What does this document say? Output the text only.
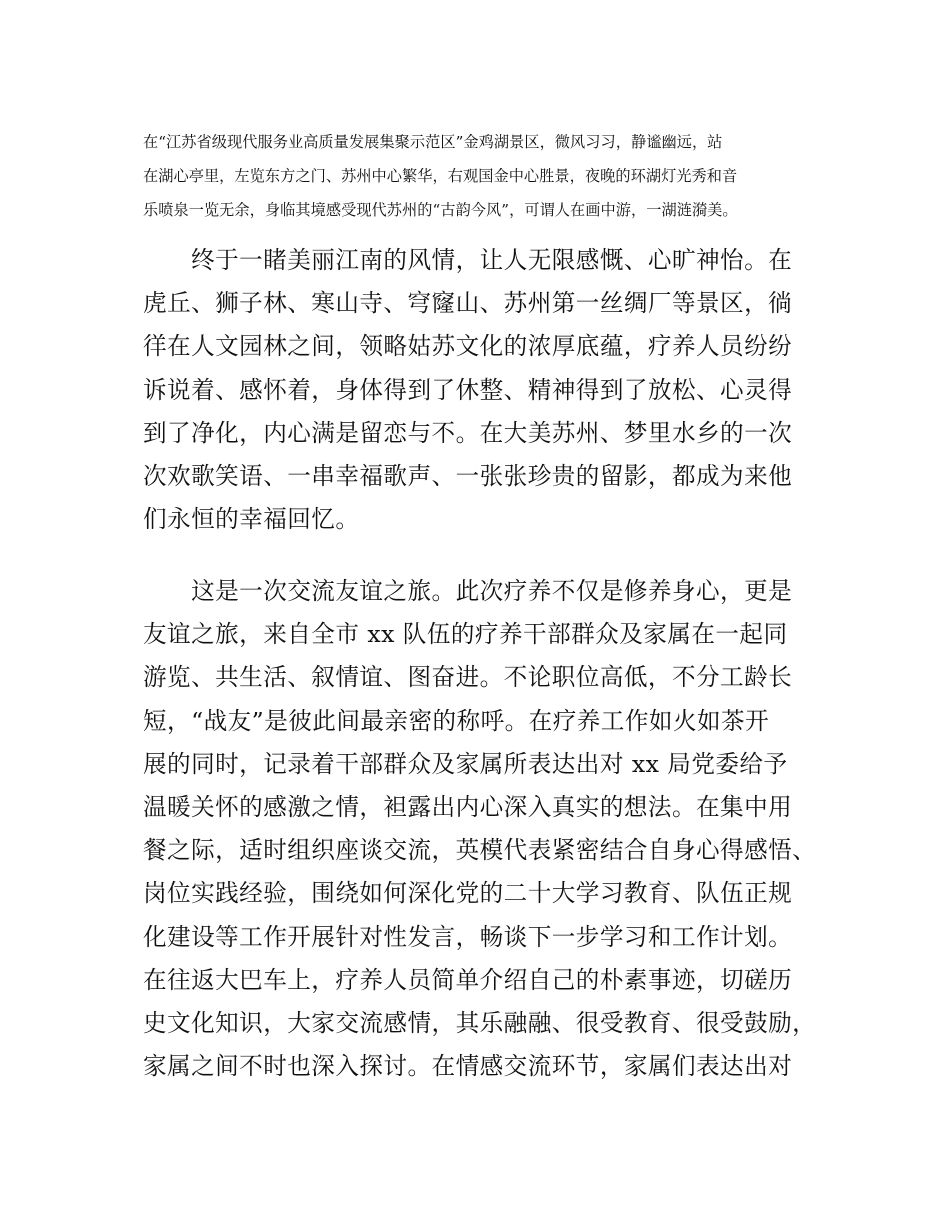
在“江苏省级现代服务业高质量发展集聚示范区”金鸡湖景区，微风习习，静谧幽远，站
在湖心亭里，左览东方之门、苏州中心繁华，右观国金中心胜景，夜晚的环湖灯光秀和音
乐喷泉一览无余，身临其境感受现代苏州的“古韵今风”，可谓人在画中游，一湖涟漪美。

　　终于一睹美丽江南的风情，让人无限感慨、心旷神怡。在
虎丘、狮子林、寒山寺、穹窿山、苏州第一丝绸厂等景区，徜
徉在人文园林之间，领略姑苏文化的浓厚底蕴，疗养人员纷纷
诉说着、感怀着，身体得到了休整、精神得到了放松、心灵得
到了净化，内心满是留恋与不。在大美苏州、梦里水乡的一次
次欢歌笑语、一串幸福歌声、一张张珍贵的留影，都成为来他
们永恒的幸福回忆。

　　这是一次交流友谊之旅。此次疗养不仅是修养身心，更是
友谊之旅，来自全市 xx 队伍的疗养干部群众及家属在一起同
游览、共生活、叙情谊、图奋进。不论职位高低，不分工龄长
短，“战友”是彼此间最亲密的称呼。在疗养工作如火如茶开
展的同时，记录着干部群众及家属所表达出对 xx 局党委给予
温暖关怀的感激之情，袒露出内心深入真实的想法。在集中用
餐之际，适时组织座谈交流，英模代表紧密结合自身心得感悟、
岗位实践经验，围绕如何深化党的二十大学习教育、队伍正规
化建设等工作开展针对性发言，畅谈下一步学习和工作计划。
在往返大巴车上，疗养人员简单介绍自己的朴素事迹，切磋历
史文化知识，大家交流感情，其乐融融、很受教育、很受鼓励，
家属之间不时也深入探讨。在情感交流环节，家属们表达出对
